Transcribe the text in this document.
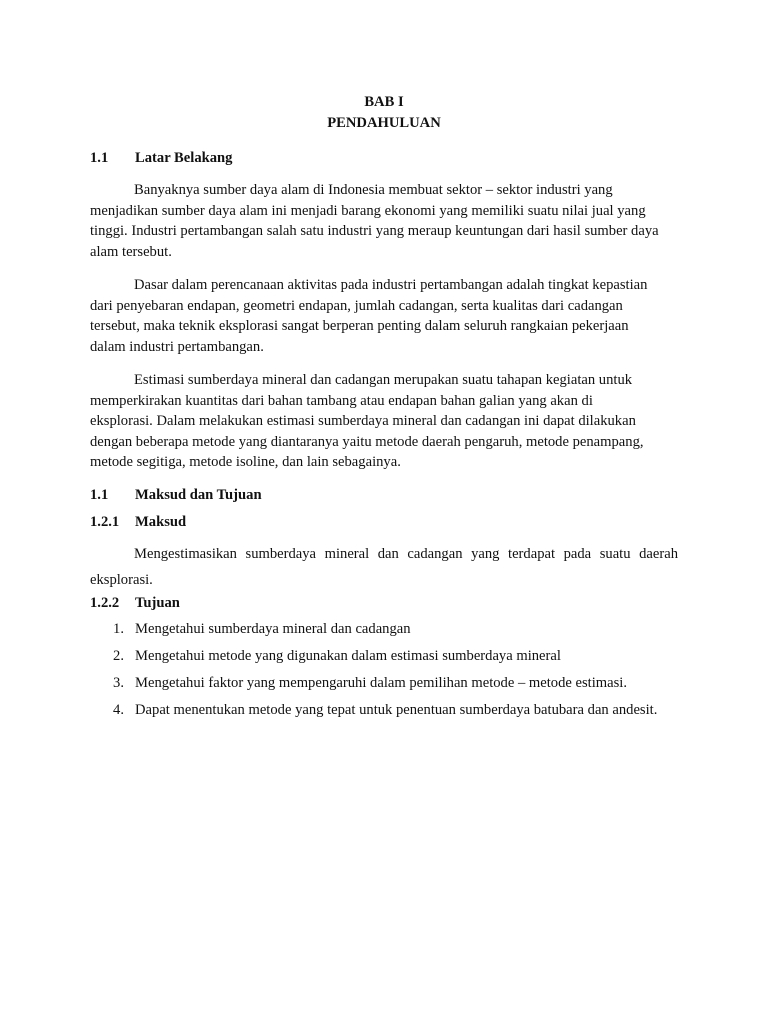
BAB I
PENDAHULUAN
1.1 Latar Belakang
Banyaknya sumber daya alam di Indonesia membuat sektor – sektor industri yang
menjadikan sumber daya alam ini menjadi barang ekonomi yang memiliki suatu nilai jual yang
tinggi. Industri pertambangan salah satu industri yang meraup keuntungan dari hasil sumber daya
alam tersebut.
Dasar dalam perencanaan aktivitas pada industri pertambangan adalah tingkat kepastian
dari penyebaran endapan, geometri endapan, jumlah cadangan, serta kualitas dari cadangan
tersebut, maka teknik eksplorasi sangat berperan penting dalam seluruh rangkaian pekerjaan
dalam industri pertambangan.
Estimasi sumberdaya mineral dan cadangan merupakan suatu tahapan kegiatan untuk
memperkirakan kuantitas dari bahan tambang atau endapan bahan galian yang akan di
eksplorasi. Dalam melakukan estimasi sumberdaya mineral dan cadangan ini dapat dilakukan
dengan beberapa metode yang diantaranya yaitu metode daerah pengaruh, metode penampang,
metode segitiga, metode isoline, dan lain sebagainya.
1.1 Maksud dan Tujuan
1.2.1 Maksud
Mengestimasikan sumberdaya mineral dan cadangan yang terdapat pada suatu daerah
eksplorasi.
1.2.2 Tujuan
1. Mengetahui sumberdaya mineral dan cadangan
2. Mengetahui metode yang digunakan dalam estimasi sumberdaya mineral
3. Mengetahui faktor yang mempengaruhi dalam pemilihan metode – metode estimasi.
4. Dapat menentukan metode yang tepat untuk penentuan sumberdaya batubara dan andesit.
